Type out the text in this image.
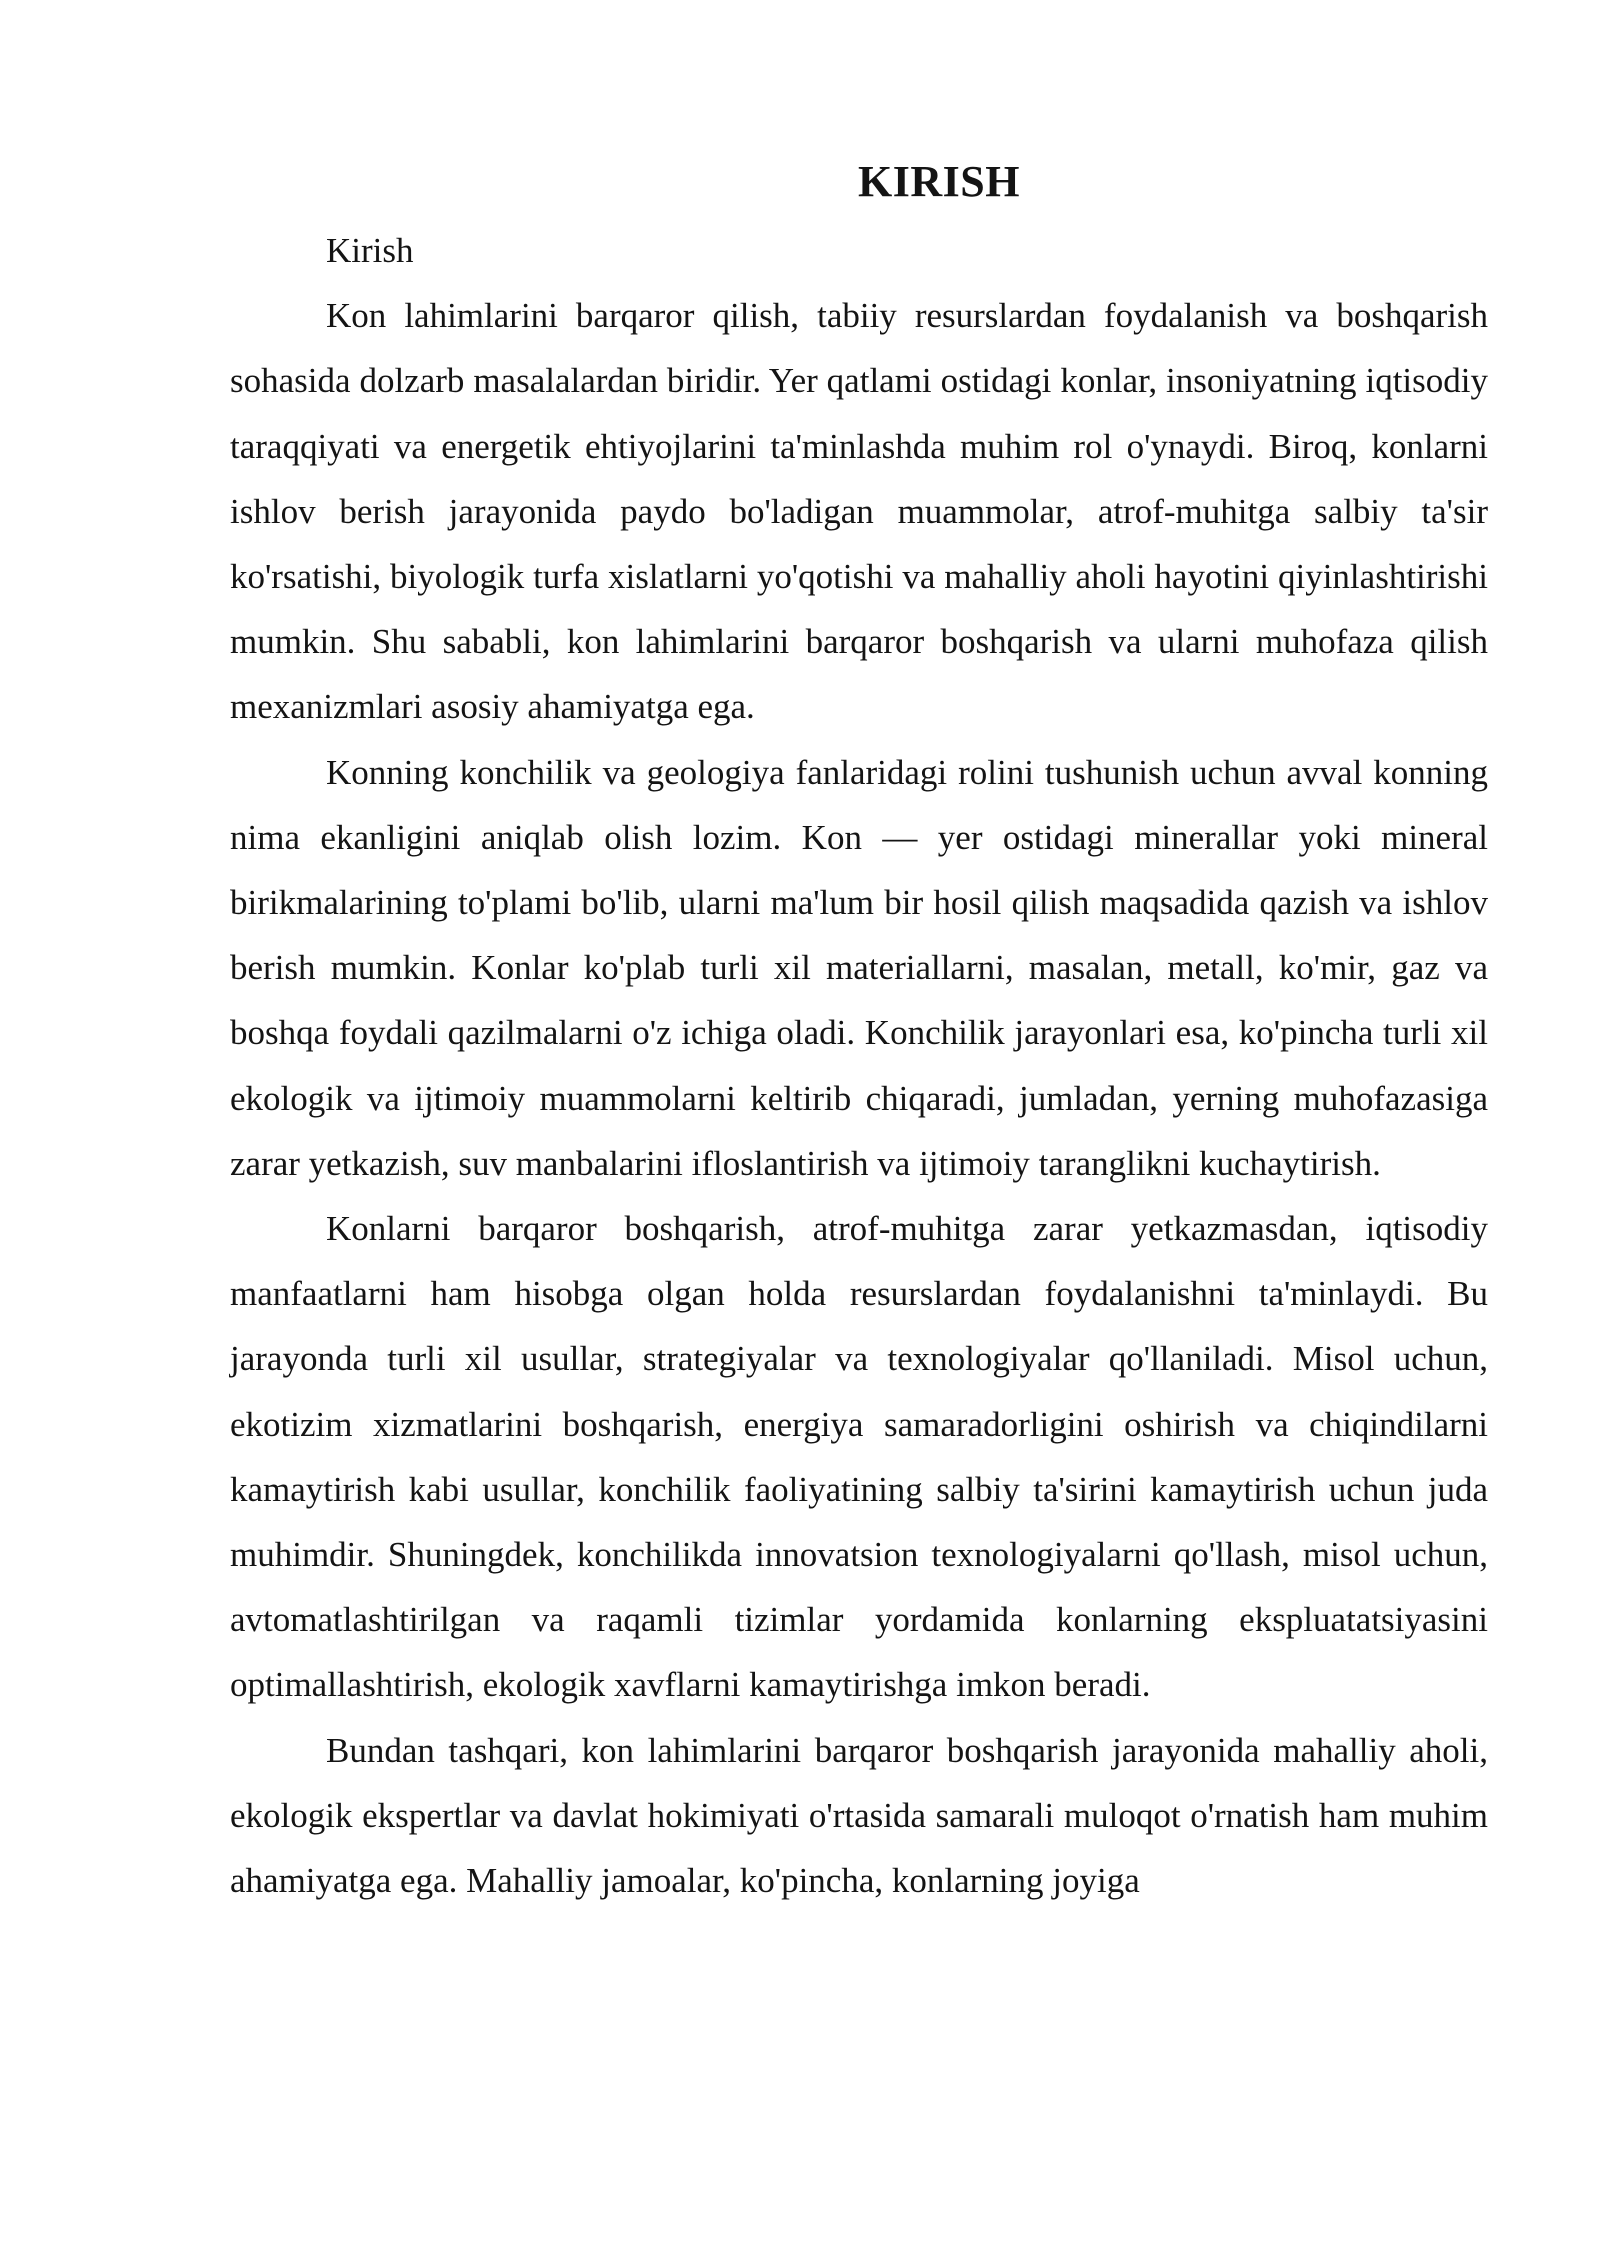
KIRISH

Kirish

Kon lahimlarini barqaror qilish, tabiiy resurslardan foydalanish va boshqarish sohasida dolzarb masalalardan biridir. Yer qatlami ostidagi konlar, insoniyatning iqtisodiy taraqqiyati va energetik ehtiyojlarini ta'minlashda muhim rol o'ynaydi. Biroq, konlarni ishlov berish jarayonida paydo bo'ladigan muammolar, atrof-muhitga salbiy ta'sir ko'rsatishi, biyologik turfa xislatlarni yo'qotishi va mahalliy aholi hayotini qiyinlashtirishi mumkin. Shu sababli, kon lahimlarini barqaror boshqarish va ularni muhofaza qilish mexanizmlari asosiy ahamiyatga ega.

Konning konchilik va geologiya fanlaridagi rolini tushunish uchun avval konning nima ekanligini aniqlab olish lozim. Kon — yer ostidagi minerallar yoki mineral birikmalarining to'plami bo'lib, ularni ma'lum bir hosil qilish maqsadida qazish va ishlov berish mumkin. Konlar ko'plab turli xil materiallarni, masalan, metall, ko'mir, gaz va boshqa foydali qazilmalarni o'z ichiga oladi. Konchilik jarayonlari esa, ko'pincha turli xil ekologik va ijtimoiy muammolarni keltirib chiqaradi, jumladan, yerning muhofazasiga zarar yetkazish, suv manbalarini ifloslantirish va ijtimoiy taranglikni kuchaytirish.

Konlarni barqaror boshqarish, atrof-muhitga zarar yetkazmasdan, iqtisodiy manfaatlarni ham hisobga olgan holda resurslardan foydalanishni ta'minlaydi. Bu jarayonda turli xil usullar, strategiyalar va texnologiyalar qo'llaniladi. Misol uchun, ekotizim xizmatlarini boshqarish, energiya samaradorligini oshirish va chiqindilarni kamaytirish kabi usullar, konchilik faoliyatining salbiy ta'sirini kamaytirish uchun juda muhimdir. Shuningdek, konchilikda innovatsion texnologiyalarni qo'llash, misol uchun, avtomatlashtirilgan va raqamli tizimlar yordamida konlarning ekspluatatsiyasini optimallashtirish, ekologik xavflarni kamaytirishga imkon beradi.

Bundan tashqari, kon lahimlarini barqaror boshqarish jarayonida mahalliy aholi, ekologik ekspertlar va davlat hokimiyati o'rtasida samarali muloqot o'rnatish ham muhim ahamiyatga ega. Mahalliy jamoalar, ko'pincha, konlarning joyiga
